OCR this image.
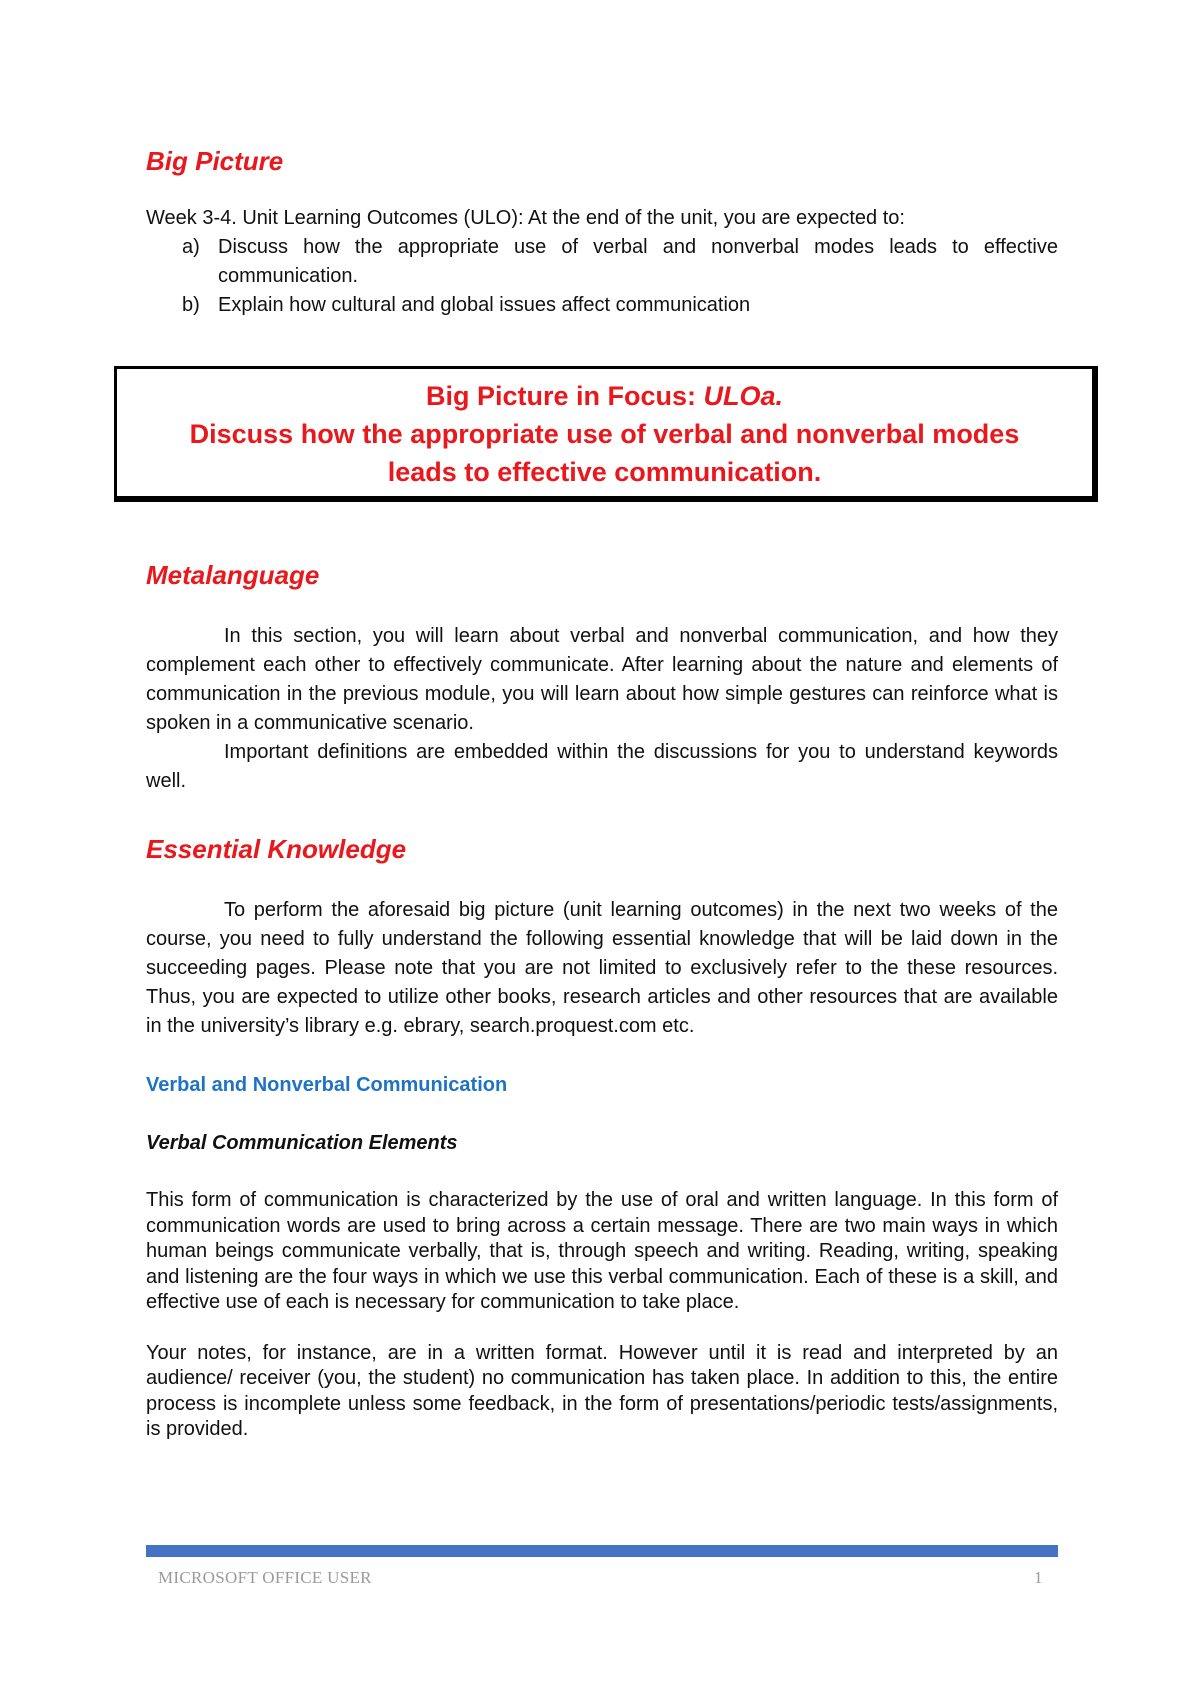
Big Picture

Week 3-4. Unit Learning Outcomes (ULO): At the end of the unit, you are expected to:

a) Discuss how the appropriate use of verbal and nonverbal modes leads to effective communication.
b) Explain how cultural and global issues affect communication
Big Picture in Focus: ULOa.
Discuss how the appropriate use of verbal and nonverbal modes
leads to effective communication.
Metalanguage

In this section, you will learn about verbal and nonverbal communication, and how they complement each other to effectively communicate. After learning about the nature and elements of communication in the previous module, you will learn about how simple gestures can reinforce what is spoken in a communicative scenario.

Important definitions are embedded within the discussions for you to understand keywords well.

Essential Knowledge

To perform the aforesaid big picture (unit learning outcomes) in the next two weeks of the course, you need to fully understand the following essential knowledge that will be laid down in the succeeding pages. Please note that you are not limited to exclusively refer to the these resources. Thus, you are expected to utilize other books, research articles and other resources that are available in the university’s library e.g. ebrary, search.proquest.com etc.

Verbal and Nonverbal Communication
Verbal Communication Elements

This form of communication is characterized by the use of oral and written language. In this form of communication words are used to bring across a certain message. There are two main ways in which human beings communicate verbally, that is, through speech and writing. Reading, writing, speaking and listening are the four ways in which we use this verbal communication. Each of these is a skill, and effective use of each is necessary for communication to take place.

Your notes, for instance, are in a written format. However until it is read and interpreted by an audience/ receiver (you, the student) no communication has taken place. In addition to this, the entire process is incomplete unless some feedback, in the form of presentations/periodic tests/assignments, is provided.

MICROSOFT OFFICE USER	1
